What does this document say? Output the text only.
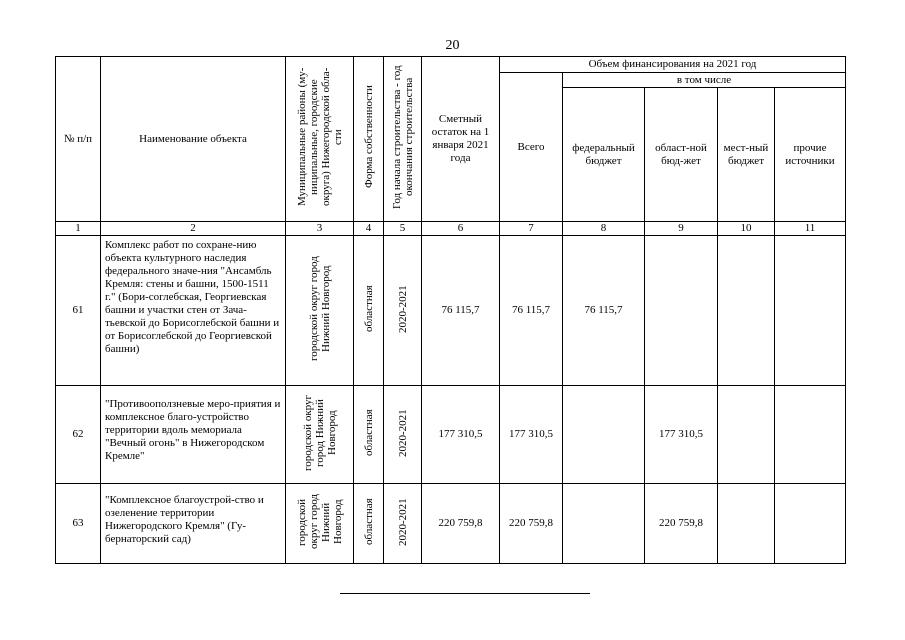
20
№ п/п	Наименование объекта	Муниципальные районы (му-ниципальные, городские округа) Нижегородской обла-сти	Форма собственности	Год начала строительства - год окончания строительства	Сметный остаток на 1 января 2021 года	Объем финансирования на 2021 год				

						Всего	в том числе			

							федеральный бюджет	област-ной бюд-жет	мест-ный бюджет	прочие источники

1	2	3	4	5	6	7	8	9	10	11
61	Комплекс работ по сохране-нию объекта культурного наследия федерального значе-ния "Ансамбль Кремля: стены и башни, 1500-1511 г." (Бори-соглебская, Георгиевская башни и участки стен от Зача-тьевской до Борисоглебской башни и от Борисоглебской до Георгиевской башни)	городской округ город Нижний Новгород	областная	2020-2021	76 115,7	76 115,7	76 115,7			
62	"Противооползневые меро-приятия и комплексное благо-устройство территории вдоль мемориала "Вечный огонь" в Нижегородском Кремле"	городской округ город Нижний Новгород	областная	2020-2021	177 310,5	177 310,5		177 310,5		
63	"Комплексное благоустрой-ство и озеленение территории Нижегородского Кремля" (Гу-бернаторский сад)	городской округ город Нижний Новгород	областная	2020-2021	220 759,8	220 759,8		220 759,8		
